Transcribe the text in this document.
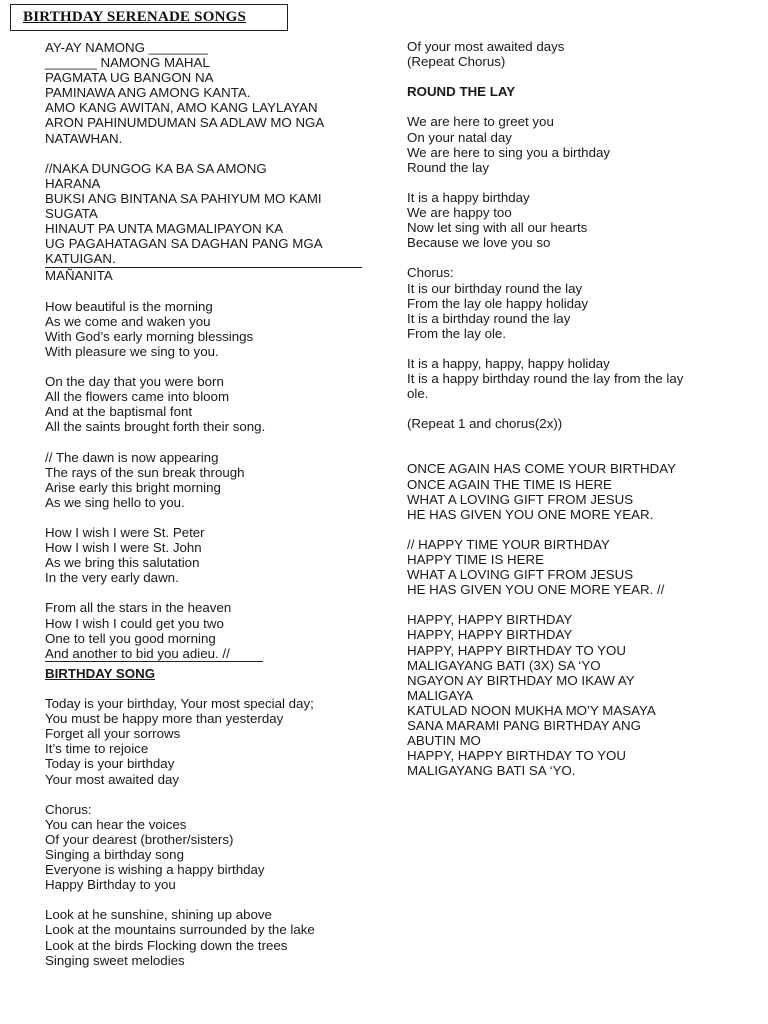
BIRTHDAY SERENADE SONGS
AY-AY NAMONG ________
_______ NAMONG MAHAL
PAGMATA UG BANGON NA
PAMINAWA ANG AMONG KANTA.
AMO KANG AWITAN, AMO KANG LAYLAYAN
ARON PAHINUMDUMAN SA ADLAW MO NGA
NATAWHAN.
//NAKA DUNGOG KA BA SA AMONG
HARANA
BUKSI ANG BINTANA SA PAHIYUM MO KAMI
SUGATA
HINAUT PA UNTA MAGMALIPAYON KA
UG PAGAHATAGAN SA DAGHAN PANG MGA
KATUIGAN.
MAÑANITA
How beautiful is the morning
As we come and waken you
With God’s early morning blessings
With pleasure we sing to you.
On the day that you were born
All the flowers came into bloom
And at the baptismal font
All the saints brought forth their song.
// The dawn is now appearing
The rays of the sun break through
Arise early this bright morning
As we sing hello to you.
How I wish I were St. Peter
How I wish I were St. John
As we bring this salutation
In the very early dawn.
From all the stars in the heaven
How I wish I could get you two
One to tell you good morning
And another to bid you adieu. //
BIRTHDAY SONG
Today is your birthday, Your most special day;
You must be happy more than yesterday
Forget all your sorrows
It’s time to rejoice
Today is your birthday
Your most awaited day
Chorus:
You can hear the voices
Of your dearest (brother/sisters)
Singing a birthday song
Everyone is wishing a happy birthday
Happy Birthday to you
Look at he sunshine, shining up above
Look at the mountains surrounded by the lake
Look at the birds Flocking down the trees
Singing sweet melodies
Of your most awaited days
(Repeat Chorus)
ROUND THE LAY
We are here to greet you
On your natal day
We are here to sing you a birthday
Round the lay
It is a happy birthday
We are happy too
Now let sing with all our hearts
Because we love you so
Chorus:
It is our birthday round the lay
From the lay ole happy holiday
It is a birthday round the lay
From the lay ole.
It is a happy, happy, happy holiday
It is a happy birthday round the lay from the lay
ole.
(Repeat 1 and chorus(2x))
ONCE AGAIN HAS COME YOUR BIRTHDAY
ONCE AGAIN THE TIME IS HERE
WHAT A LOVING GIFT FROM JESUS
HE HAS GIVEN YOU ONE MORE YEAR.
// HAPPY TIME YOUR BIRTHDAY
HAPPY TIME IS HERE
WHAT A LOVING GIFT FROM JESUS
HE HAS GIVEN YOU ONE MORE YEAR. //
HAPPY, HAPPY BIRTHDAY
HAPPY, HAPPY BIRTHDAY
HAPPY, HAPPY BIRTHDAY TO YOU
MALIGAYANG BATI (3X) SA ‘YO
NGAYON AY BIRTHDAY MO IKAW AY
MALIGAYA
KATULAD NOON MUKHA MO’Y MASAYA
SANA MARAMI PANG BIRTHDAY ANG
ABUTIN MO
HAPPY, HAPPY BIRTHDAY TO YOU
MALIGAYANG BATI SA ‘YO.
